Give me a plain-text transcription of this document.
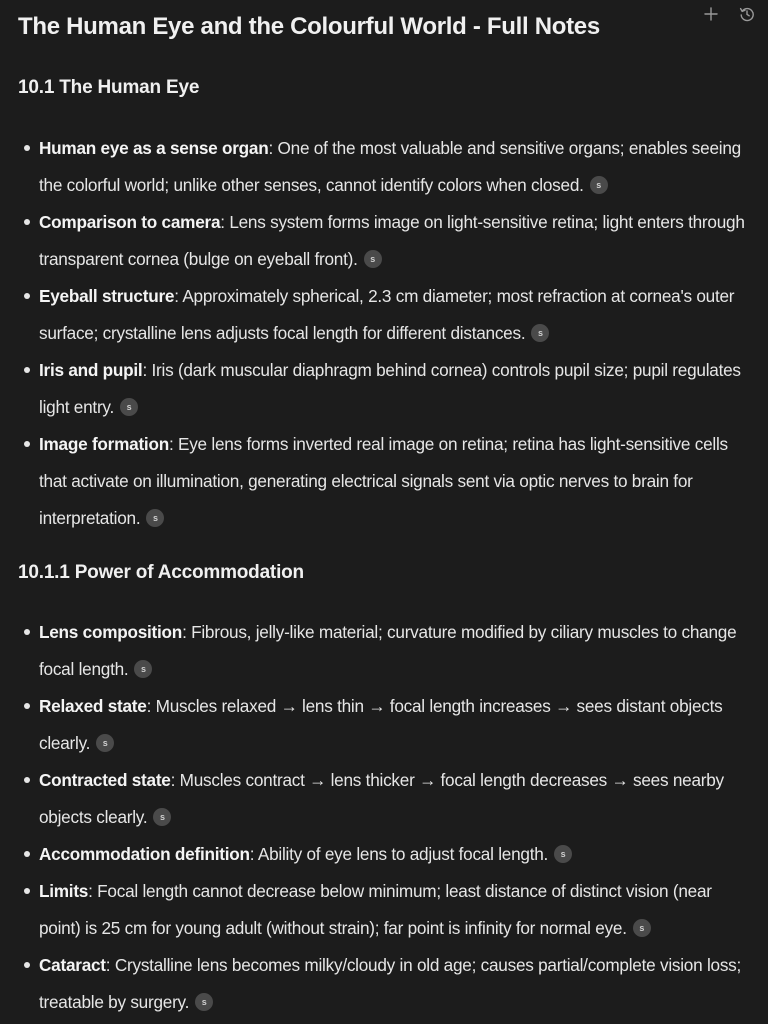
The Human Eye and the Colourful World - Full Notes
10.1 The Human Eye
Human eye as a sense organ: One of the most valuable and sensitive organs; enables seeing the colorful world; unlike other senses, cannot identify colors when closed. s
Comparison to camera: Lens system forms image on light-sensitive retina; light enters through transparent cornea (bulge on eyeball front). s
Eyeball structure: Approximately spherical, 2.3 cm diameter; most refraction at cornea's outer surface; crystalline lens adjusts focal length for different distances. s
Iris and pupil: Iris (dark muscular diaphragm behind cornea) controls pupil size; pupil regulates light entry. s
Image formation: Eye lens forms inverted real image on retina; retina has light-sensitive cells that activate on illumination, generating electrical signals sent via optic nerves to brain for interpretation. s
10.1.1 Power of Accommodation
Lens composition: Fibrous, jelly-like material; curvature modified by ciliary muscles to change focal length. s
Relaxed state: Muscles relaxed → lens thin → focal length increases → sees distant objects clearly. s
Contracted state: Muscles contract → lens thicker → focal length decreases → sees nearby objects clearly. s
Accommodation definition: Ability of eye lens to adjust focal length. s
Limits: Focal length cannot decrease below minimum; least distance of distinct vision (near point) is 25 cm for young adult (without strain); far point is infinity for normal eye. s
Cataract: Crystalline lens becomes milky/cloudy in old age; causes partial/complete vision loss; treatable by surgery. s
